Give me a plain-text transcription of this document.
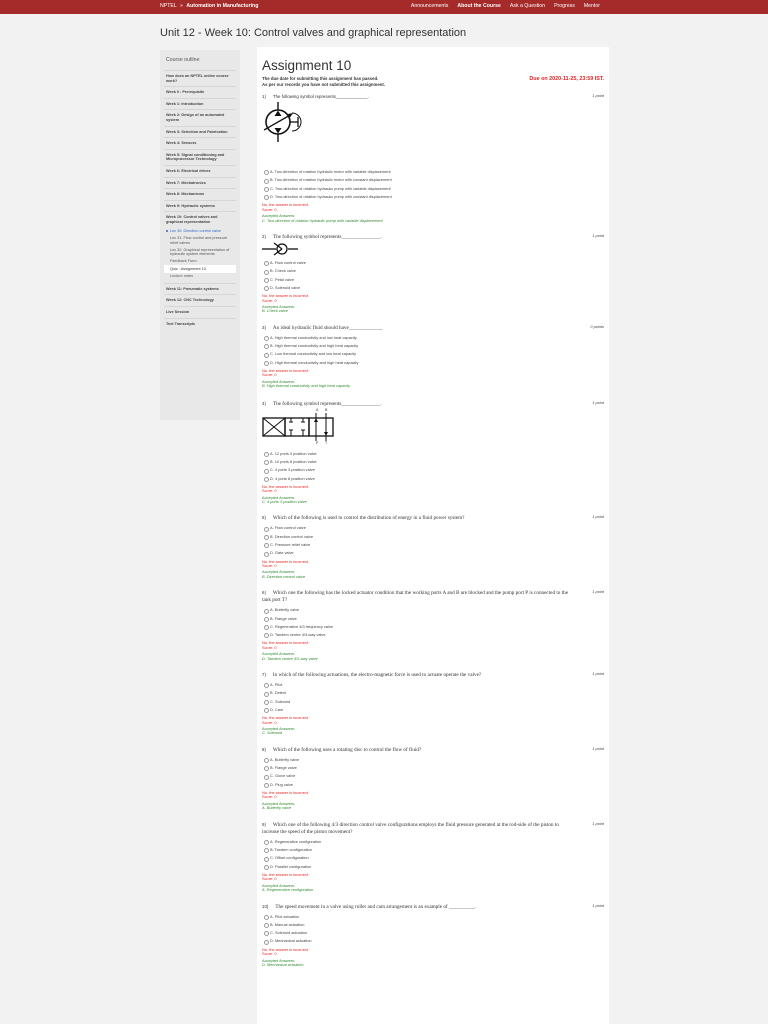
NPTEL » Automation in Manufacturing	Announcements About the Course Ask a Question Progress Mentor
Unit 12 - Week 10: Control valves and graphical representation
Course outline
How does an NPTEL online course work?
Week 0 : Prerequisite
Week 1: Introduction
Week 2: Design of an automated system
Week 3: Selection and Fabrication
Week 4: Sensors
Week 5: Signal conditioning and Microprocessor Technology
Week 6: Electrical drives
Week 7: Mechatronics
Week 8: Mechanisms
Week 9: Hydraulic systems
Week 10: Control valves and graphical representation
Lec 30: Direction control valve
Lec 31: Flow control and pressure relief valves
Lec 32: Graphical representation of hydraulic system elements
Feedback Form
Quiz : Assignment 10
Lecture notes
Week 11: Pneumatic systems
Week 12: CNC Technology
Live Session
Text Transcripts
Assignment 10
Due on 2020-11-25, 23:59 IST.
The due date for submitting this assignment has passed.
As per our records you have not submitted this assignment.
1) The following symbol represents_____________.	1 point
A. Two-direction of rotation hydraulic motor with variable displacement
B. Two-direction of rotation hydraulic motor with constant displacement
C. Two-direction of rotation hydraulic pump with variable displacement
D. Two-direction of rotation hydraulic pump with constant displacement
No, the answer is incorrect.
Score: 0
Accepted Answers:
C. Two-direction of rotation hydraulic pump with variable displacement
2) The following symbol represents_______________.	1 point
A. Flow control valve
B. Check valve
C. Petal valve
D. Solenoid valve
No, the answer is incorrect.
Score: 0
Accepted Answers:
B. Check valve
3) An ideal hydraulic fluid should have_____________	0 points
A. High thermal conductivity and low heat capacity
B. High thermal conductivity and high heat capacity
C. Low thermal conductivity and low heat capacity
D. High thermal conductivity and high heat capacity
No, the answer is incorrect.
Score: 0
Accepted Answers:
B. High thermal conductivity and high heat capacity
4) The following symbol represents_______________.	1 point
A B
P T
A. 12 ports 3 position valve
B. 10 ports 8 position valve
C. 4 ports 3 position valve
D. 4 ports 8 position valve
No, the answer is incorrect.
Score: 0
Accepted Answers:
C. 4 ports 3 position valve
5) Which of the following is used to control the distribution of energy in a fluid power system?	1 point
A. Flow control valve
B. Direction control valve
C. Pressure relief valve
D. Gate valve
No, the answer is incorrect.
Score: 0
Accepted Answers:
B. Direction control valve
6) Which one the following has the locked actuator condition that the working ports A and B are blocked and the pump port P is connected to the tank port T?
1 point
A. Butterfly valve
B. Flange valve
C. Regenerative 4/3 frequency valve
D. Tandem centre 4/3-way valve
No, the answer is incorrect.
Score: 0
Accepted Answers:
D. Tandem centre 4/3-way valve
7) In which of the following actuations, the electro-magnetic force is used to actuate operate the valve?	1 point
A. Pilot
B. Detent
C. Solenoid
D. Cam
No, the answer is incorrect.
Score: 0
Accepted Answers:
C. Solenoid
8) Which of the following uses a rotating disc to control the flow of fluid?	1 point
A. Butterfly valve
B. Flange valve
C. Glove valve
D. Plug valve
No, the answer is incorrect.
Score: 0
Accepted Answers:
A. Butterfly valve
9) Which one of the following 4/3 direction control valve configurations employs the fluid pressure generated at the rod-side of the piston to increase the speed of the piston movement?
1 point
A. Regenerative configuration
B. Tandem configuration
C. Offset configuration
D. Parallel configuration
No, the answer is incorrect.
Score: 0
Accepted Answers:
A. Regenerative configuration
10) The speed movement in a valve using roller and cam arrangement is an example of __________.	1 point
A. Pilot actuation
B. Manual actuation
C. Solenoid actuation
D. Mechanical actuation
No, the answer is incorrect.
Score: 0
Accepted Answers:
D. Mechanical actuation
